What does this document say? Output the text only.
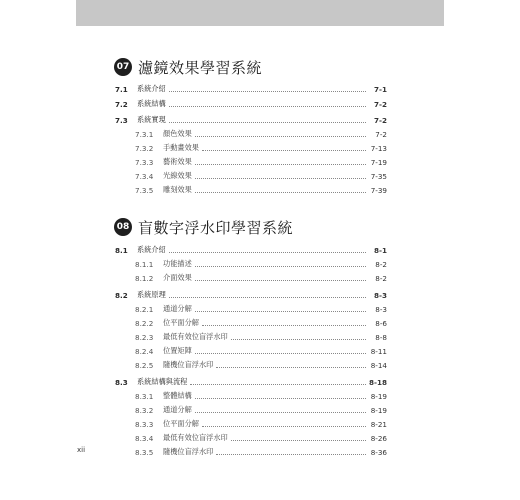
07 濾鏡效果學習系統
7.1	系統介紹	7-1
7.2	系統結構	7-2
7.3	系統實現	7-2
7.3.1	顏色效果	7-2
7.3.2	手動畫效果	7-13
7.3.3	藝術效果	7-19
7.3.4	光線效果	7-35
7.3.5	雕刻效果	7-39
08 盲數字浮水印學習系統
8.1	系統介紹	8-1
8.1.1	功能描述	8-2
8.1.2	介面效果	8-2
8.2	系統原理	8-3
8.2.1	通道分解	8-3
8.2.2	位平面分解	8-6
8.2.3	最低有效位盲浮水印	8-8
8.2.4	位置矩陣	8-11
8.2.5	隨機位盲浮水印	8-14
8.3	系統結構與流程	8-18
8.3.1	整體結構	8-19
8.3.2	通道分解	8-19
8.3.3	位平面分解	8-21
8.3.4	最低有效位盲浮水印	8-26
8.3.5	隨機位盲浮水印	8-36
xii
